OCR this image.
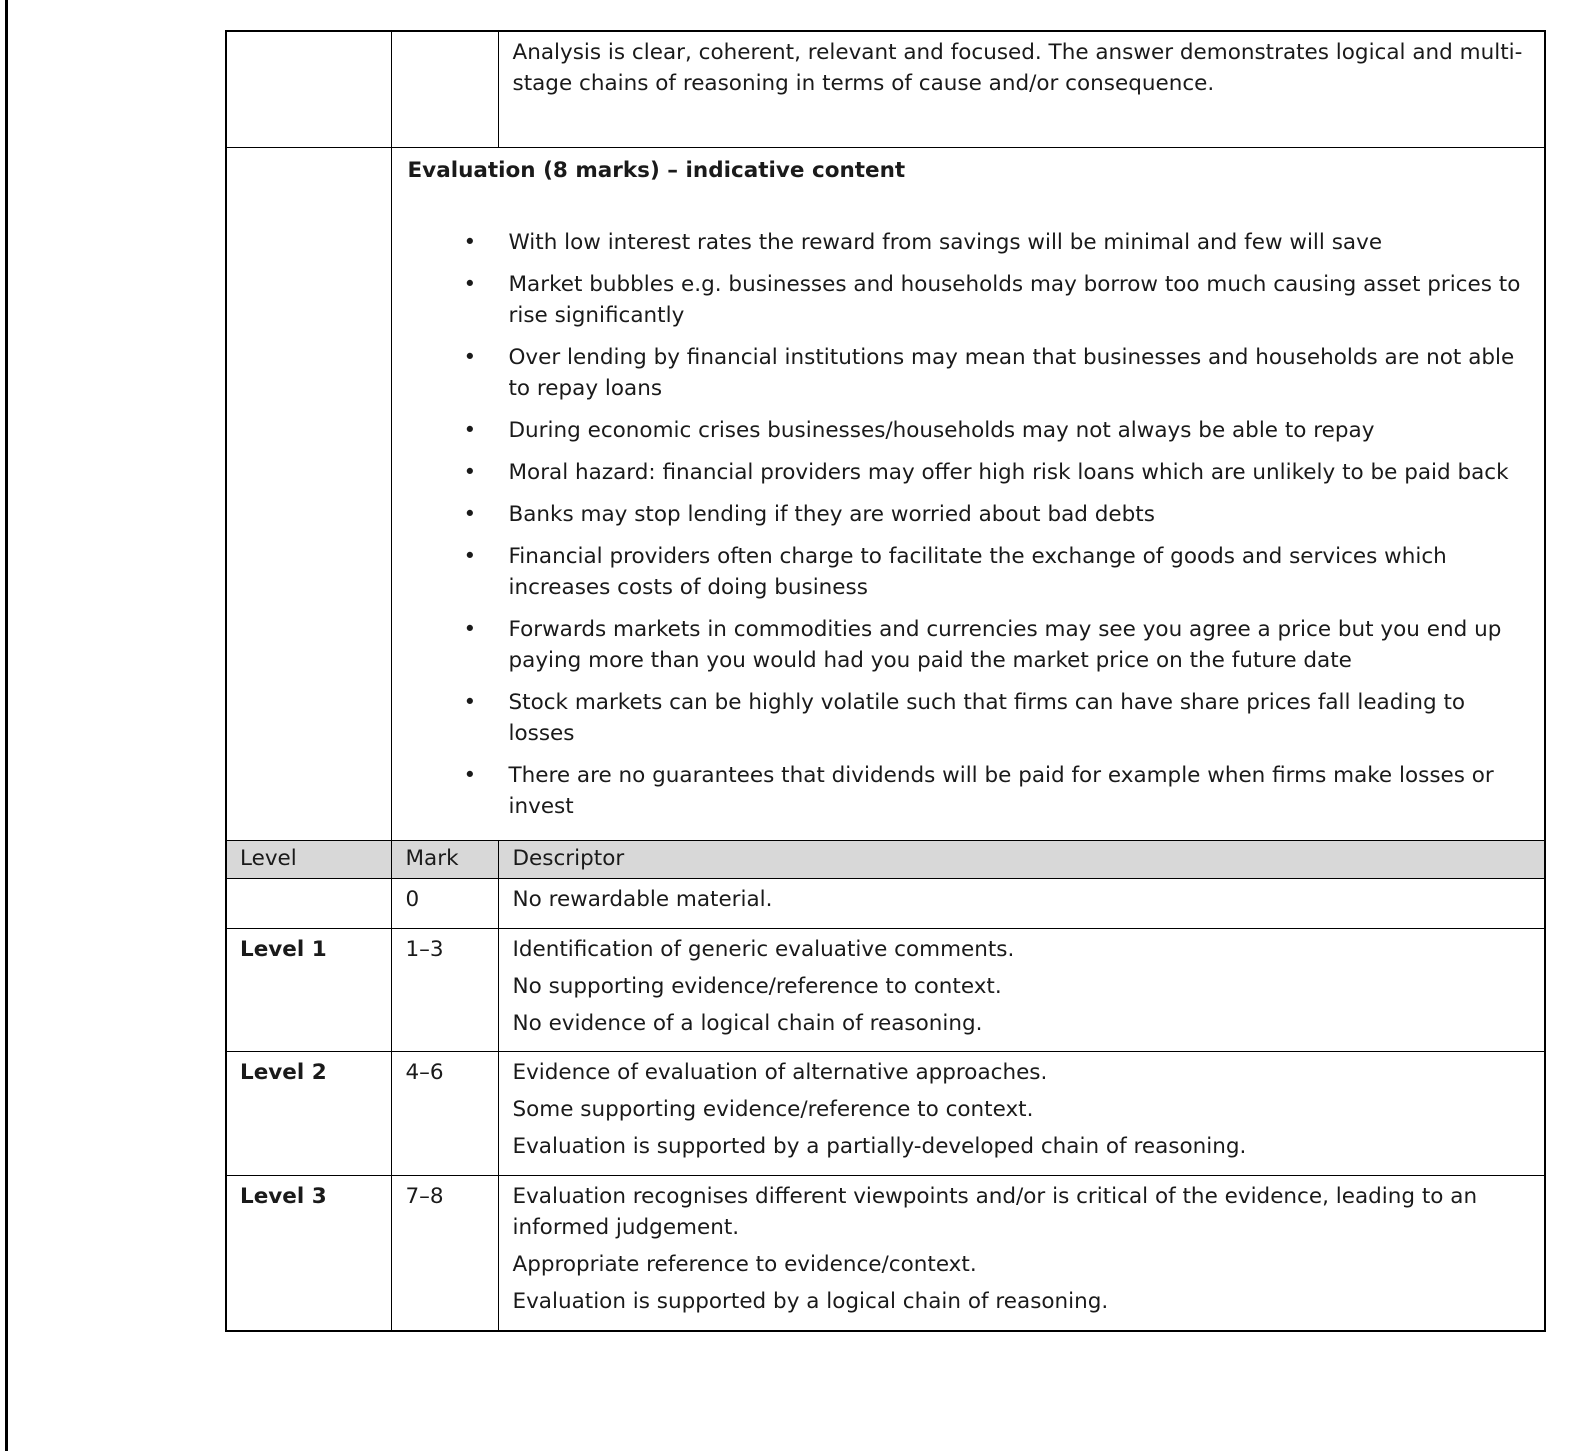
		Analysis is clear, coherent, relevant and focused. The answer demonstrates logical and multi-stage chains of reasoning in terms of cause and/or consequence.

Evaluation (8 marks) – indicative content
• With low interest rates the reward from savings will be minimal and few will save
• Market bubbles e.g. businesses and households may borrow too much causing asset prices to rise significantly
• Over lending by financial institutions may mean that businesses and households are not able to repay loans
• During economic crises businesses/households may not always be able to repay
• Moral hazard: financial providers may offer high risk loans which are unlikely to be paid back
• Banks may stop lending if they are worried about bad debts
• Financial providers often charge to facilitate the exchange of goods and services which increases costs of doing business
• Forwards markets in commodities and currencies may see you agree a price but you end up paying more than you would had you paid the market price on the future date
• Stock markets can be highly volatile such that firms can have share prices fall leading to losses
• There are no guarantees that dividends will be paid for example when firms make losses or invest

Level	Mark	Descriptor
	0	No rewardable material.

Level 1	1–3	Identification of generic evaluative comments.
No supporting evidence/reference to context.
No evidence of a logical chain of reasoning.

Level 2	4–6	Evidence of evaluation of alternative approaches.
Some supporting evidence/reference to context.
Evaluation is supported by a partially-developed chain of reasoning.

Level 3	7–8	Evaluation recognises different viewpoints and/or is critical of the evidence, leading to an informed judgement.
Appropriate reference to evidence/context.
Evaluation is supported by a logical chain of reasoning.
